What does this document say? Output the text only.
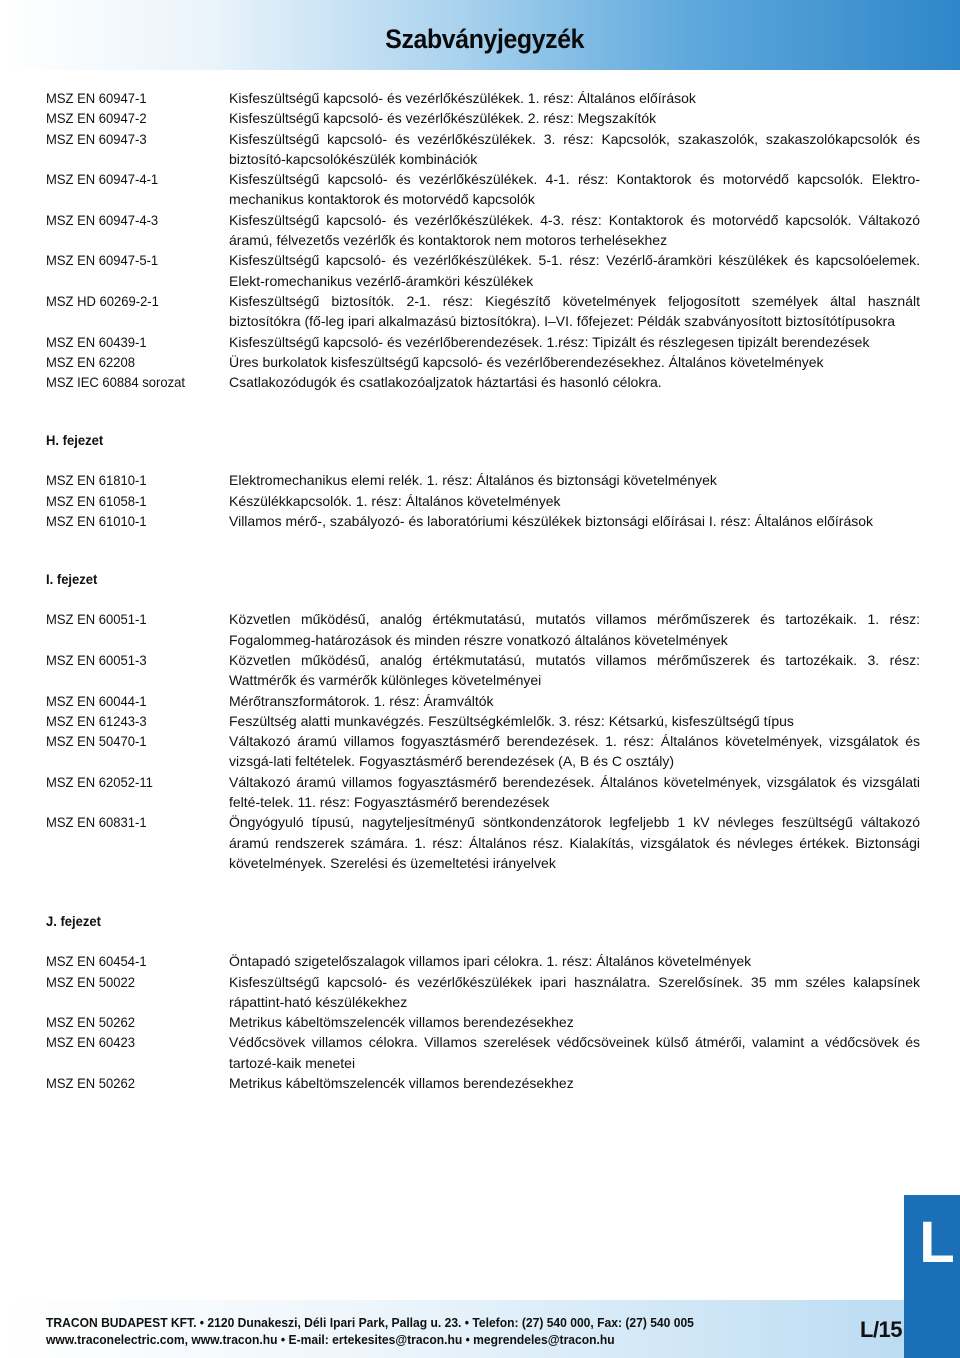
Szabványjegyzék
MSZ EN 60947-1	Kisfeszültségű kapcsoló- és vezérlőkészülékek. 1. rész: Általános előírások
MSZ EN 60947-2	Kisfeszültségű kapcsoló- és vezérlőkészülékek. 2. rész: Megszakítók
MSZ EN 60947-3	Kisfeszültségű kapcsoló- és vezérlőkészülékek. 3. rész: Kapcsolók, szakaszolók, szakaszolókapcsolók és biztosító-kapcsolókészülék kombinációk
MSZ EN 60947-4-1	Kisfeszültségű kapcsoló- és vezérlőkészülékek. 4-1. rész: Kontaktorok és motorvédő kapcsolók. Elektro-mechanikus kontaktorok és motorvédő kapcsolók
MSZ EN 60947-4-3	Kisfeszültségű kapcsoló- és vezérlőkészülékek. 4-3. rész: Kontaktorok és motorvédő kapcsolók. Váltakozó áramú, félvezetős vezérlők és kontaktorok nem motoros terhelésekhez
MSZ EN 60947-5-1	Kisfeszültségű kapcsoló- és vezérlőkészülékek. 5-1. rész: Vezérlő-áramköri készülékek és kapcsolóelemek. Elekt-romechanikus vezérlő-áramköri készülékek
MSZ HD 60269-2-1	Kisfeszültségű biztosítók. 2-1. rész: Kiegészítő követelmények feljogosított személyek által használt biztosítókra (fő-leg ipari alkalmazású biztosítókra). I–VI. főfejezet: Példák szabványosított biztosítótípusokra
MSZ EN 60439-1	Kisfeszültségű kapcsoló- és vezérlőberendezések. 1.rész: Tipizált és részlegesen tipizált berendezések
MSZ EN 62208	Üres burkolatok kisfeszültségű kapcsoló- és vezérlőberendezésekhez. Általános követelmények
MSZ IEC 60884 sorozat	Csatlakozódugók és csatlakozóaljzatok háztartási és hasonló célokra.
H. fejezet
MSZ EN 61810-1	Elektromechanikus elemi relék. 1. rész: Általános és biztonsági követelmények
MSZ EN 61058-1	Készülékkapcsolók. 1. rész: Általános követelmények
MSZ EN 61010-1	Villamos mérő-, szabályozó- és laboratóriumi készülékek biztonsági előírásai I. rész: Általános előírások
I. fejezet
MSZ EN 60051-1	Közvetlen működésű, analóg értékmutatású, mutatós villamos mérőműszerek és tartozékaik. 1. rész: Fogalommeg-határozások és minden részre vonatkozó általános követelmények
MSZ EN 60051-3	Közvetlen működésű, analóg értékmutatású, mutatós villamos mérőműszerek és tartozékaik. 3. rész: Wattmérők és varmérők különleges követelményei
MSZ EN 60044-1	Mérőtranszformátorok. 1. rész: Áramváltók
MSZ EN 61243-3	Feszültség alatti munkavégzés. Feszültségkémlelők. 3. rész: Kétsarkú, kisfeszültségű típus
MSZ EN 50470-1	Váltakozó áramú villamos fogyasztásmérő berendezések. 1. rész: Általános követelmények, vizsgálatok és vizsgá-lati feltételek. Fogyasztásmérő berendezések (A, B és C osztály)
MSZ EN 62052-11	Váltakozó áramú villamos fogyasztásmérő berendezések. Általános követelmények, vizsgálatok és vizsgálati felté-telek. 11. rész: Fogyasztásmérő berendezések
MSZ EN 60831-1	Öngyógyuló típusú, nagyteljesítményű söntkondenzátorok legfeljebb 1 kV névleges feszültségű váltakozó áramú rendszerek számára. 1. rész: Általános rész. Kialakítás, vizsgálatok és névleges értékek. Biztonsági követelmények. Szerelési és üzemeltetési irányelvek
J. fejezet
MSZ EN 60454-1	Öntapadó szigetelőszalagok villamos ipari célokra. 1. rész: Általános követelmények
MSZ EN 50022	Kisfeszültségű kapcsoló- és vezérlőkészülékek ipari használatra. Szerelősínek. 35 mm széles kalapsínek rápattint-ható készülékekhez
MSZ EN 50262	Metrikus kábeltömszelencék villamos berendezésekhez
MSZ EN 60423	Védőcsövek villamos célokra. Villamos szerelések védőcsöveinek külső átmérői, valamint a védőcsövek és tartozé-kaik menetei
MSZ EN 50262	Metrikus kábeltömszelencék villamos berendezésekhez
L
TRACON BUDAPEST KFT. • 2120 Dunakeszi, Déli Ipari Park, Pallag u. 23. • Telefon: (27) 540 000, Fax: (27) 540 005
www.traconelectric.com, www.tracon.hu • E-mail: ertekesites@tracon.hu • megrendeles@tracon.hu	L/15
